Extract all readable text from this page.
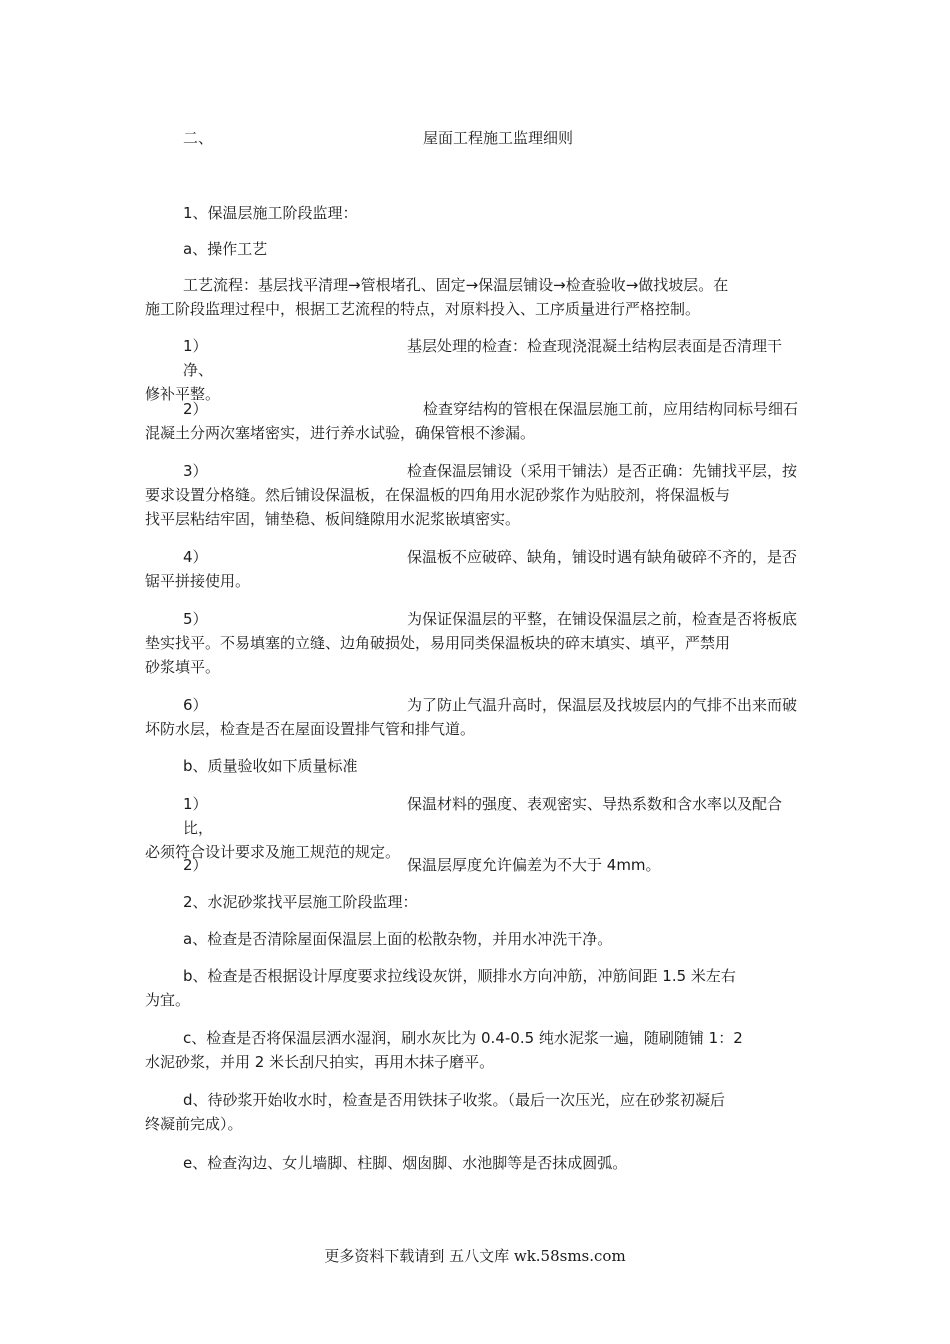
二、	屋面工程施工监理细则
1、保温层施工阶段监理：
a、操作工艺
工艺流程：基层找平清理→管根堵孔、固定→保温层铺设→检查验收→做找坡层。在
施工阶段监理过程中，根据工艺流程的特点，对原料投入、工序质量进行严格控制。
1）	基层处理的检查：检查现浇混凝土结构层表面是否清理干净、
修补平整。
2）	检查穿结构的管根在保温层施工前，应用结构同标号细石
混凝土分两次塞堵密实，进行养水试验，确保管根不渗漏。
3）	检查保温层铺设（采用干铺法）是否正确：先铺找平层，按
要求设置分格缝。然后铺设保温板，在保温板的四角用水泥砂浆作为贴胶剂，将保温板与
找平层粘结牢固，铺垫稳、板间缝隙用水泥浆嵌填密实。
4）	保温板不应破碎、缺角，铺设时遇有缺角破碎不齐的，是否
锯平拼接使用。
5）	为保证保温层的平整，在铺设保温层之前，检查是否将板底
垫实找平。不易填塞的立缝、边角破损处，易用同类保温板块的碎末填实、填平，严禁用
砂浆填平。
6）	为了防止气温升高时，保温层及找坡层内的气排不出来而破
坏防水层，检查是否在屋面设置排气管和排气道。
b、质量验收如下质量标准
1）	保温材料的强度、表观密实、导热系数和含水率以及配合比，
必须符合设计要求及施工规范的规定。
2）	保温层厚度允许偏差为不大于 4mm。
2、水泥砂浆找平层施工阶段监理：
a、检查是否清除屋面保温层上面的松散杂物，并用水冲洗干净。
b、检查是否根据设计厚度要求拉线设灰饼，顺排水方向冲筋，冲筋间距 1.5 米左右
为宜。
c、检查是否将保温层洒水湿润，刷水灰比为 0.4-0.5 纯水泥浆一遍，随刷随铺 1：2
水泥砂浆，并用 2 米长刮尺拍实，再用木抹子磨平。
d、待砂浆开始收水时，检查是否用铁抹子收浆。（最后一次压光，应在砂浆初凝后
终凝前完成）。
e、检查沟边、女儿墙脚、柱脚、烟囱脚、水池脚等是否抹成圆弧。
更多资料下载请到 五八文库 wk.58sms.com
